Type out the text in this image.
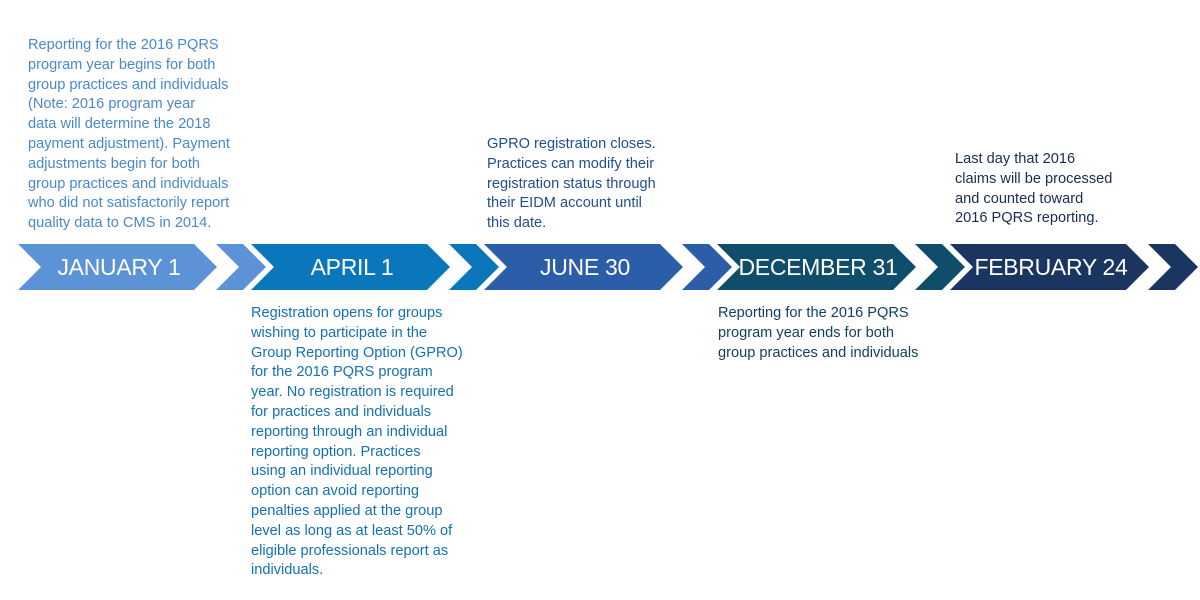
JANUARY 1	APRIL 1	JUNE 30	DECEMBER 31	FEBRUARY 24

Reporting for the 2016 PQRS
program year begins for both
group practices and individuals
(Note: 2016 program year
data will determine the 2018
payment adjustment). Payment
adjustments begin for both
group practices and individuals
who did not satisfactorily report
quality data to CMS in 2014.

Registration opens for groups
wishing to participate in the
Group Reporting Option (GPRO)
for the 2016 PQRS program
year. No registration is required
for practices and individuals
reporting through an individual
reporting option. Practices
using an individual reporting
option can avoid reporting
penalties applied at the group
level as long as at least 50% of
eligible professionals report as
individuals.

GPRO registration closes.
Practices can modify their
registration status through
their EIDM account until
this date.

Reporting for the 2016 PQRS
program year ends for both
group practices and individuals

Last day that 2016
claims will be processed
and counted toward
2016 PQRS reporting.
